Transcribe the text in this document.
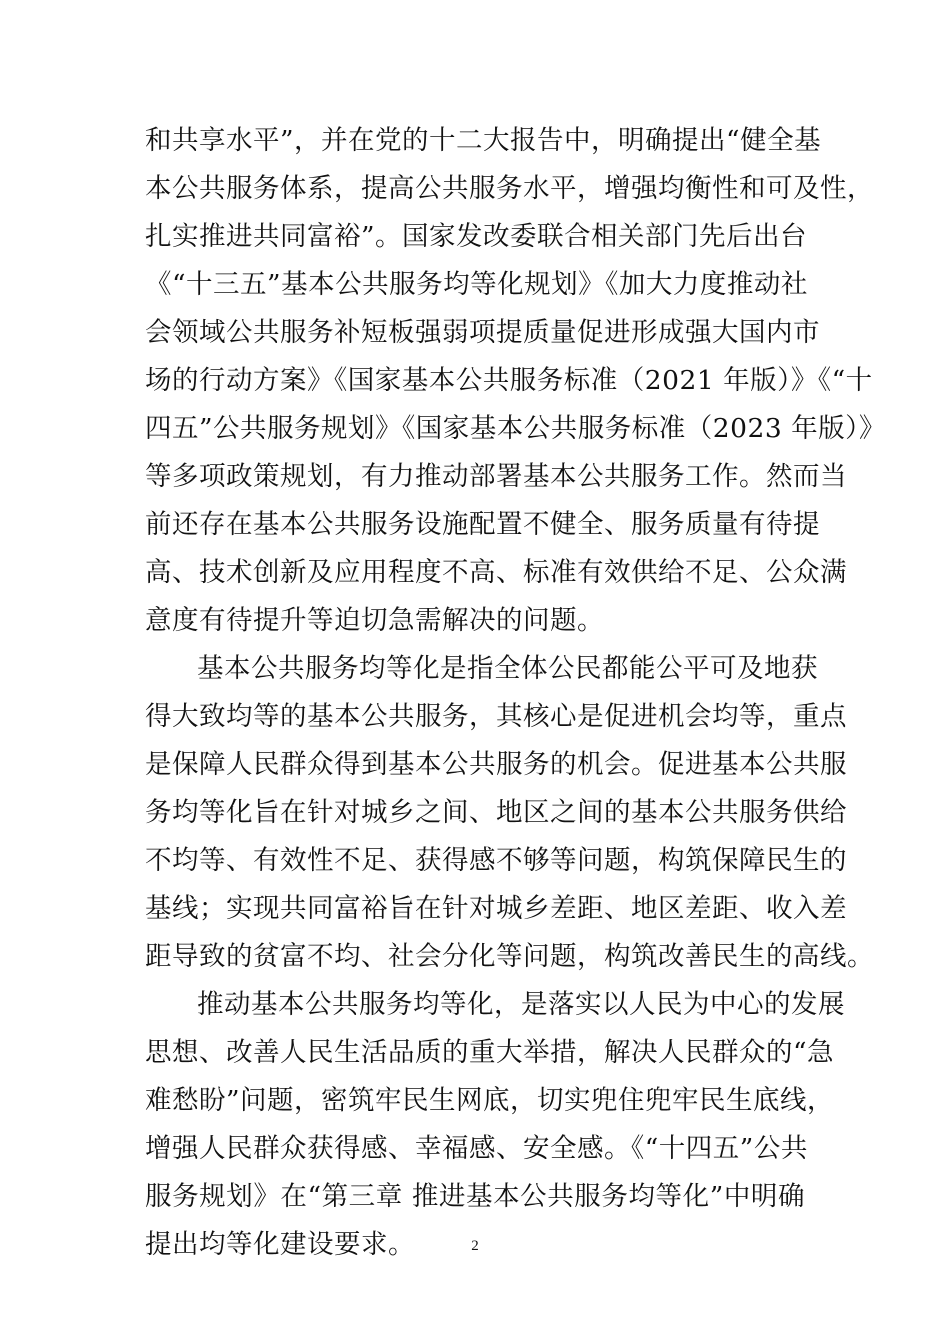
和共享水平”，并在党的十二大报告中，明确提出“健全基
本公共服务体系，提高公共服务水平，增强均衡性和可及性，
扎实推进共同富裕”。国家发改委联合相关部门先后出台
《“十三五”基本公共服务均等化规划》《加大力度推动社
会领域公共服务补短板强弱项提质量促进形成强大国内市
场的行动方案》《国家基本公共服务标准（2021 年版）》《“十
四五”公共服务规划》《国家基本公共服务标准（2023 年版）》
等多项政策规划，有力推动部署基本公共服务工作。然而当
前还存在基本公共服务设施配置不健全、服务质量有待提
高、技术创新及应用程度不高、标准有效供给不足、公众满
意度有待提升等迫切急需解决的问题。
基本公共服务均等化是指全体公民都能公平可及地获
得大致均等的基本公共服务，其核心是促进机会均等，重点
是保障人民群众得到基本公共服务的机会。促进基本公共服
务均等化旨在针对城乡之间、地区之间的基本公共服务供给
不均等、有效性不足、获得感不够等问题，构筑保障民生的
基线；实现共同富裕旨在针对城乡差距、地区差距、收入差
距导致的贫富不均、社会分化等问题，构筑改善民生的高线。
推动基本公共服务均等化，是落实以人民为中心的发展
思想、改善人民生活品质的重大举措，解决人民群众的“急
难愁盼”问题，密筑牢民生网底，切实兜住兜牢民生底线，
增强人民群众获得感、幸福感、安全感。《“十四五”公共
服务规划》在“第三章 推进基本公共服务均等化”中明确
提出均等化建设要求。	2
